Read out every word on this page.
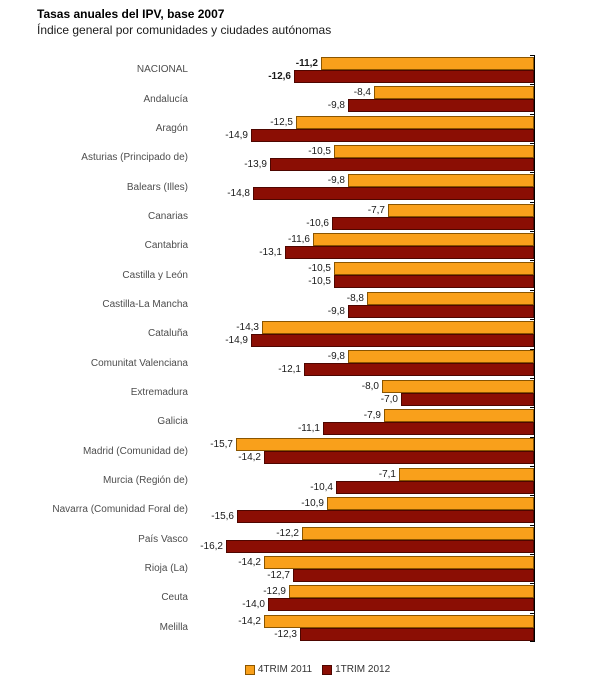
Tasas anuales del IPV, base 2007
Índice general por comunidades y ciudades autónomas
NACIONAL
-11,2
-12,6
Andalucía
-8,4
-9,8
Aragón
-12,5
-14,9
Asturias (Principado de)
-10,5
-13,9
Balears (Illes)
-9,8
-14,8
Canarias
-7,7
-10,6
Cantabria
-11,6
-13,1
Castilla y León
-10,5
-10,5
Castilla-La Mancha
-8,8
-9,8
Cataluña
-14,3
-14,9
Comunitat Valenciana
-9,8
-12,1
Extremadura
-8,0
-7,0
Galicia
-7,9
-11,1
Madrid (Comunidad de)
-15,7
-14,2
Murcia (Región de)
-7,1
-10,4
Navarra (Comunidad Foral de)
-10,9
-15,6
País Vasco
-12,2
-16,2
Rioja (La)
-14,2
-12,7
Ceuta
-12,9
-14,0
Melilla
-14,2
-12,3
4TRIM 2011 1TRIM 2012
